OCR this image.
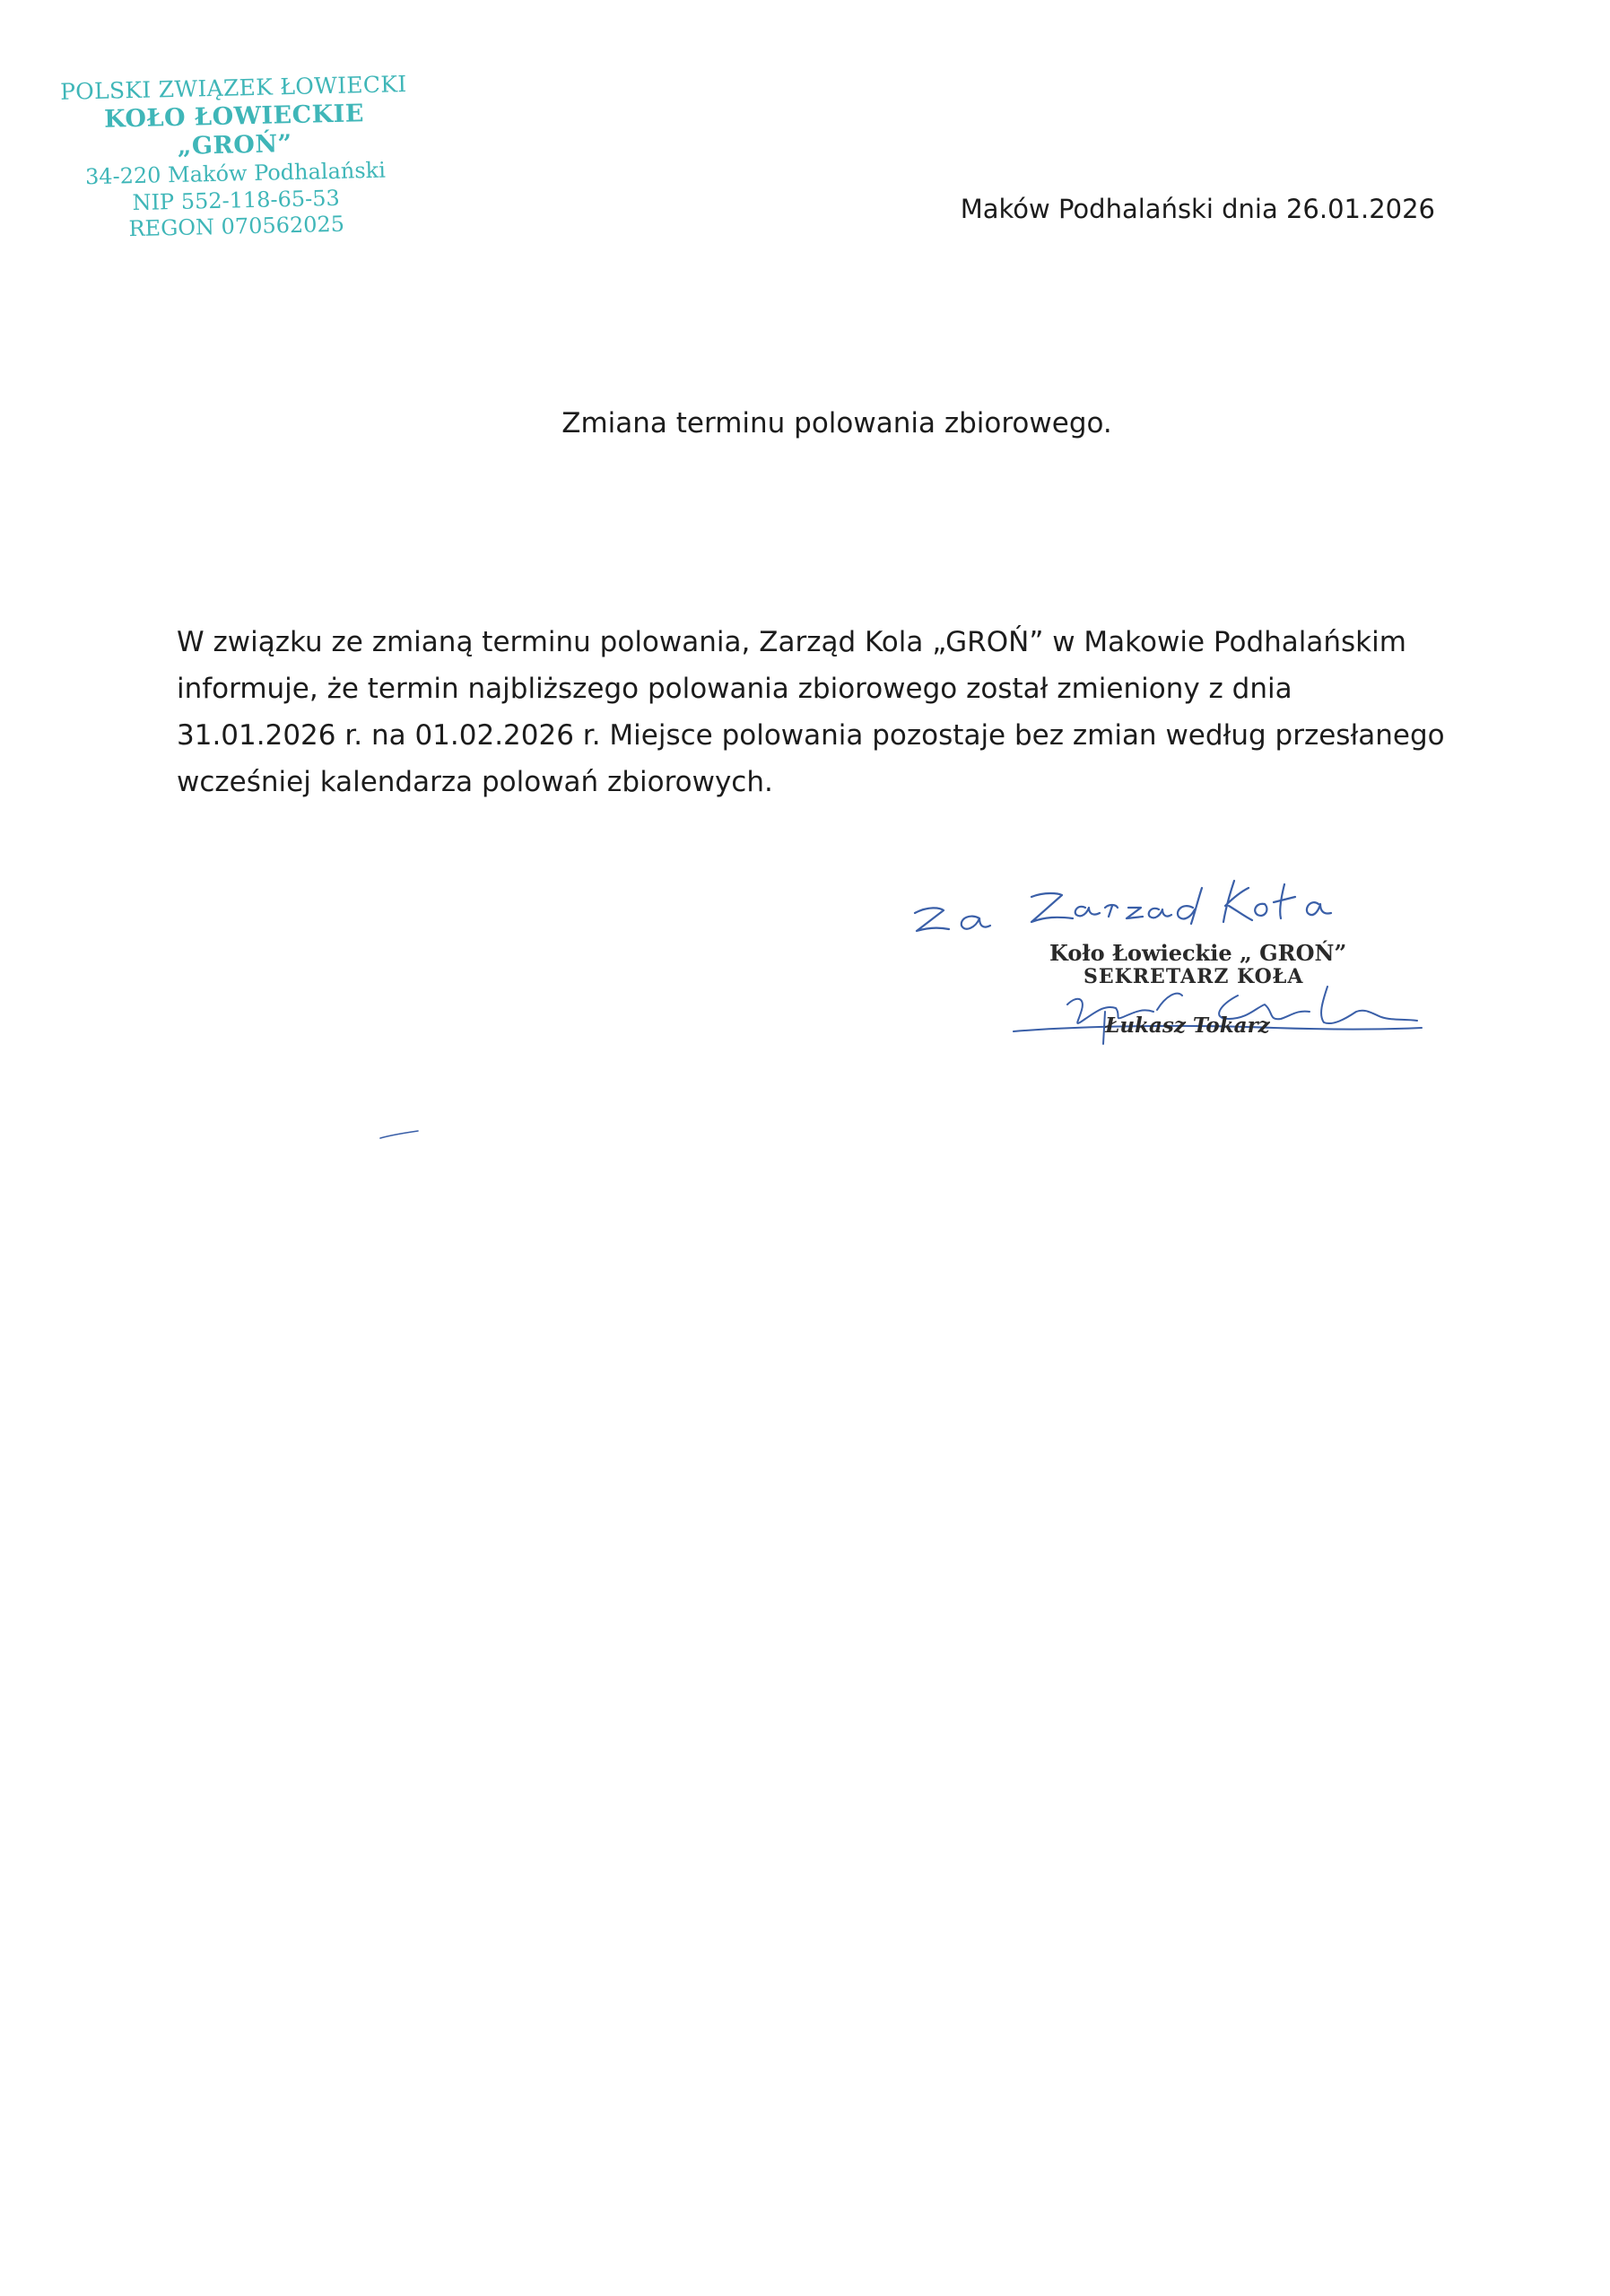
POLSKI ZWIĄZEK ŁOWIECKI
KOŁO ŁOWIECKIE „GROŃ”
34-220 Maków Podhalański
NIP 552-118-65-53
REGON 070562025
Maków Podhalański dnia 26.01.2026
Zmiana terminu polowania zbiorowego.
W związku ze zmianą terminu polowania, Zarząd Kola „GROŃ” w Makowie Podhalańskim
informuje, że termin najbliższego polowania zbiorowego został zmieniony z dnia
31.01.2026 r. na 01.02.2026 r. Miejsce polowania pozostaje bez zmian według przesłanego
wcześniej kalendarza polowań zbiorowych.
Koło Łowieckie „ GROŃ”
SEKRETARZ KOŁA
Łukasz Tokarz
